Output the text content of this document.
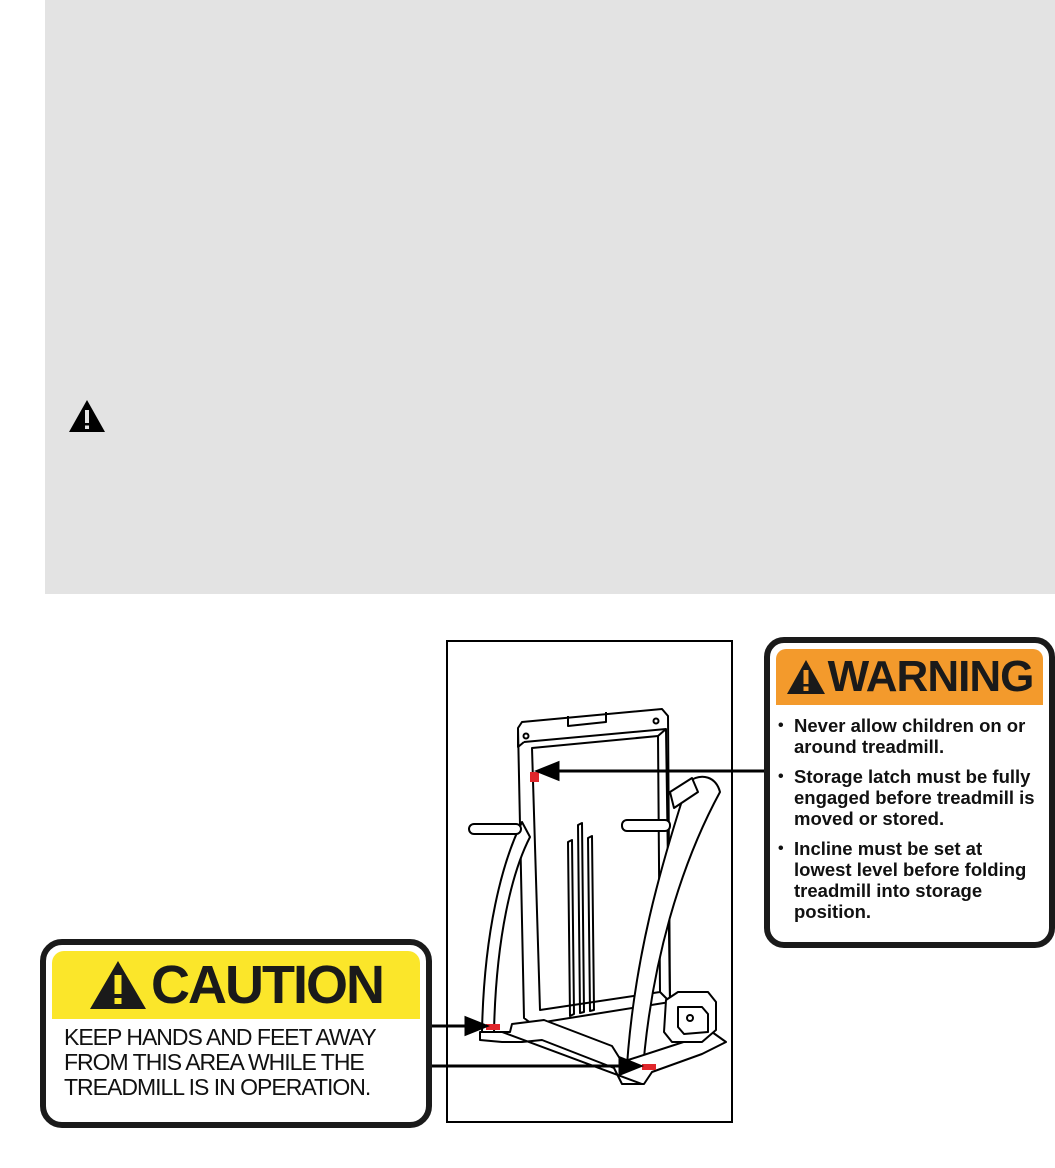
WARNING
• Never allow children on or around treadmill.
• Storage latch must be fully engaged before treadmill is moved or stored.
• Incline must be set at lowest level before folding treadmill into storage position.
CAUTION
KEEP HANDS AND FEET AWAY
FROM THIS AREA WHILE THE
TREADMILL IS IN OPERATION.
